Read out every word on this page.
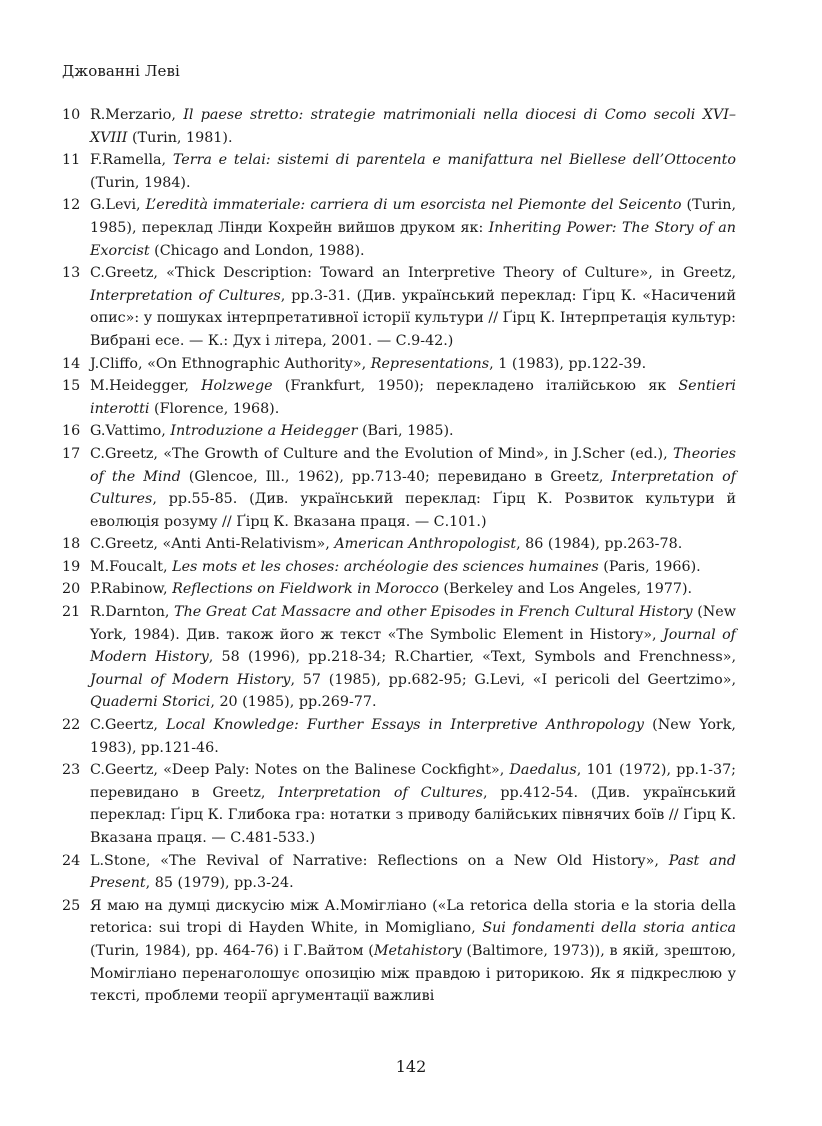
Джованні Леві

10 R.Merzario, Il paese stretto: strategie matrimoniali nella diocesi di Como secoli XVI–XVIII (Turin, 1981).

11 F.Ramella, Terra e telai: sistemi di parentela e manifattura nel Biellese dell’Ottocento (Turin, 1984).

12 G.Levi, L’eredità immateriale: carriera di um esorcista nel Piemonte del Seicento (Turin, 1985), переклад Лінди Кохрейн вийшов друком як: Inheriting Power: The Story of an Exorcist (Chicago and London, 1988).

13 C.Greetz, «Thick Description: Toward an Interpretive Theory of Culture», in Greetz, Interpretation of Cultures, pp.3-31. (Див. український переклад: Ґірц К. «Насичений опис»: у пошуках інтерпретативної історії культури // Ґірц К. Інтерпретація культур: Вибрані есе. — К.: Дух і літера, 2001. — С.9-42.)

14 J.Cliffo, «On Ethnographic Authority», Representations, 1 (1983), pp.122-39.

15 M.Heidegger, Holzwege (Frankfurt, 1950); перекладено італійською як Sentieri interotti (Florence, 1968).

16 G.Vattimo, Introduzione a Heidegger (Bari, 1985).

17 C.Greetz, «The Growth of Culture and the Evolution of Mind», in J.Scher (ed.), Theories of the Mind (Glencoe, Ill., 1962), pp.713-40; перевидано в Greetz, Interpretation of Cultures, pp.55-85. (Див. український переклад: Ґірц К. Розвиток культури й еволюція розуму // Ґірц К. Вказана праця. — С.101.)

18 C.Greetz, «Anti Anti-Relativism», American Anthropologist, 86 (1984), pp.263-78.

19 M.Foucalt, Les mots et les choses: archéologie des sciences humaines (Paris, 1966).

20 P.Rabinow, Reflections on Fieldwork in Morocco (Berkeley and Los Angeles, 1977).

21 R.Darnton, The Great Cat Massacre and other Episodes in French Cultural History (New York, 1984). Див. також його ж текст «The Symbolic Element in History», Journal of Modern History, 58 (1996), pp.218-34; R.Chartier, «Text, Symbols and Frenchness», Journal of Modern History, 57 (1985), pp.682-95; G.Levi, «I pericoli del Geertzimo», Quaderni Storici, 20 (1985), pp.269-77.

22 C.Geertz, Local Knowledge: Further Essays in Interpretive Anthropology (New York, 1983), pp.121-46.

23 C.Geertz, «Deep Paly: Notes on the Balinese Cockfight», Daedalus, 101 (1972), pp.1-37; перевидано в Greetz, Interpretation of Cultures, pp.412-54. (Див. український переклад: Ґірц К. Глибока гра: нотатки з приводу балійських півнячих боїв // Ґірц К. Вказана праця. — С.481-533.)

24 L.Stone, «The Revival of Narrative: Reflections on a New Old History», Past and Present, 85 (1979), pp.3-24.

25 Я маю на думці дискусію між А.Момігліано («La retorica della storia e la storia della retorica: sui tropi di Hayden White, in Momigliano, Sui fondamenti della storia antica (Turin, 1984), pp. 464-76) і Г.Вайтом (Metahistory (Baltimore, 1973)), в якій, зрештою, Момігліано перенаголошує опозицію між правдою і риторикою. Як я підкреслюю у тексті, проблеми теорії аргументації важливі

142
